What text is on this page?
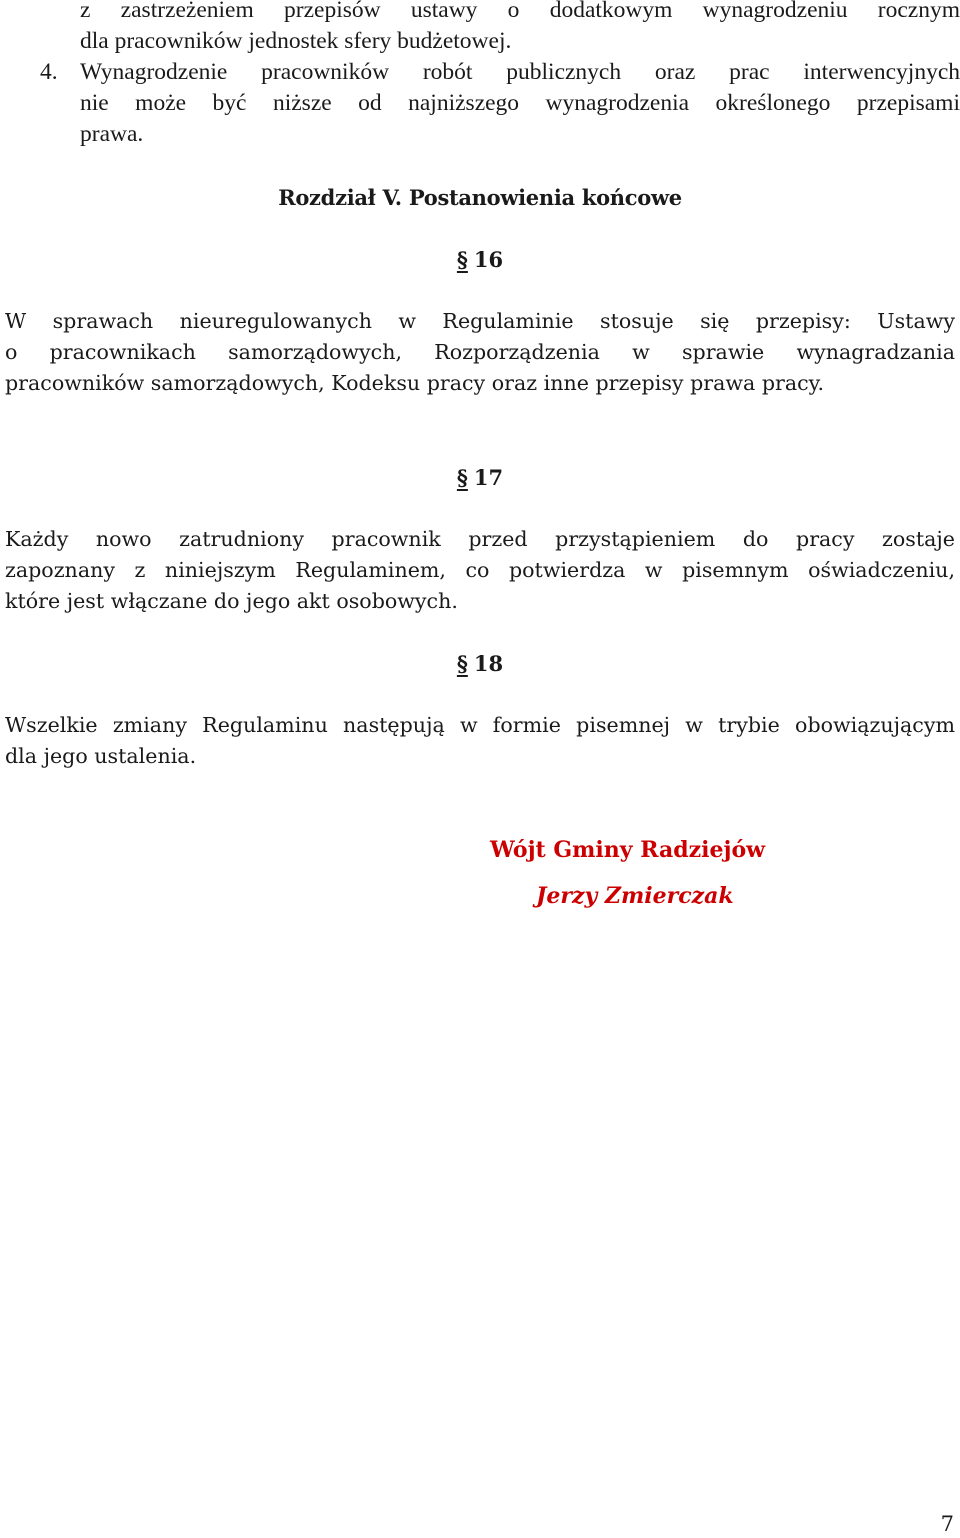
z zastrzeżeniem przepisów ustawy o dodatkowym wynagrodzeniu rocznym
dla pracowników jednostek sfery budżetowej.
4. Wynagrodzenie pracowników robót publicznych oraz prac interwencyjnych
nie może być niższe od najniższego wynagrodzenia określonego przepisami
prawa.
Rozdział V. Postanowienia końcowe
§ 16
W sprawach nieuregulowanych w Regulaminie stosuje się przepisy: Ustawy
o pracownikach samorządowych, Rozporządzenia w sprawie wynagradzania
pracowników samorządowych, Kodeksu pracy oraz inne przepisy prawa pracy.
§ 17
Każdy nowo zatrudniony pracownik przed przystąpieniem do pracy zostaje
zapoznany z niniejszym Regulaminem, co potwierdza w pisemnym oświadczeniu,
które jest włączane do jego akt osobowych.
§ 18
Wszelkie zmiany Regulaminu następują w formie pisemnej w trybie obowiązującym
dla jego ustalenia.
Wójt Gminy Radziejów
Jerzy Zmierczak
7
